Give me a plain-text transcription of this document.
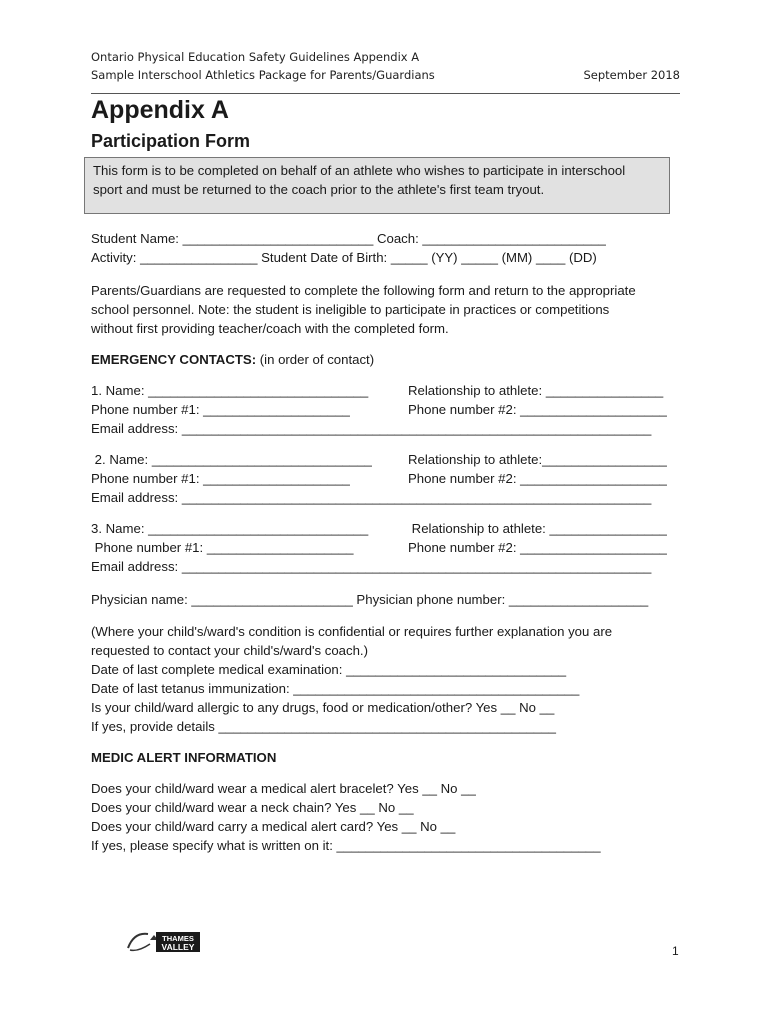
Ontario Physical Education Safety Guidelines Appendix A
Sample Interschool Athletics Package for Parents/Guardians	September 2018
Appendix A
Participation Form
This form is to be completed on behalf of an athlete who wishes to participate in interschool
sport and must be returned to the coach prior to the athlete's first team tryout.
Student Name: __________________________ Coach: _________________________
Activity: ________________ Student Date of Birth: _____ (YY) _____ (MM) ____ (DD)
Parents/Guardians are requested to complete the following form and return to the appropriate
school personnel. Note: the student is ineligible to participate in practices or competitions
without first providing teacher/coach with the completed form.
EMERGENCY CONTACTS: (in order of contact)
1. Name: ______________________________	Relationship to athlete: ________________
Phone number #1: ____________________	Phone number #2: ____________________
Email address: ________________________________________________________________
2. Name: ______________________________	Relationship to athlete:_________________
Phone number #1: ____________________	Phone number #2: ____________________
Email address: ________________________________________________________________
3. Name: ______________________________	Relationship to athlete: ________________
Phone number #1: ____________________	Phone number #2: ____________________
Email address: ________________________________________________________________
Physician name: ______________________ Physician phone number: ___________________
(Where your child's/ward's condition is confidential or requires further explanation you are
requested to contact your child's/ward's coach.)
Date of last complete medical examination: ______________________________
Date of last tetanus immunization: _______________________________________
Is your child/ward allergic to any drugs, food or medication/other? Yes __ No __
If yes, provide details ______________________________________________
MEDIC ALERT INFORMATION
Does your child/ward wear a medical alert bracelet? Yes __ No __
Does your child/ward wear a neck chain? Yes __ No __
Does your child/ward carry a medical alert card? Yes __ No __
If yes, please specify what is written on it: ____________________________________
THAMES
VALLEY	1
